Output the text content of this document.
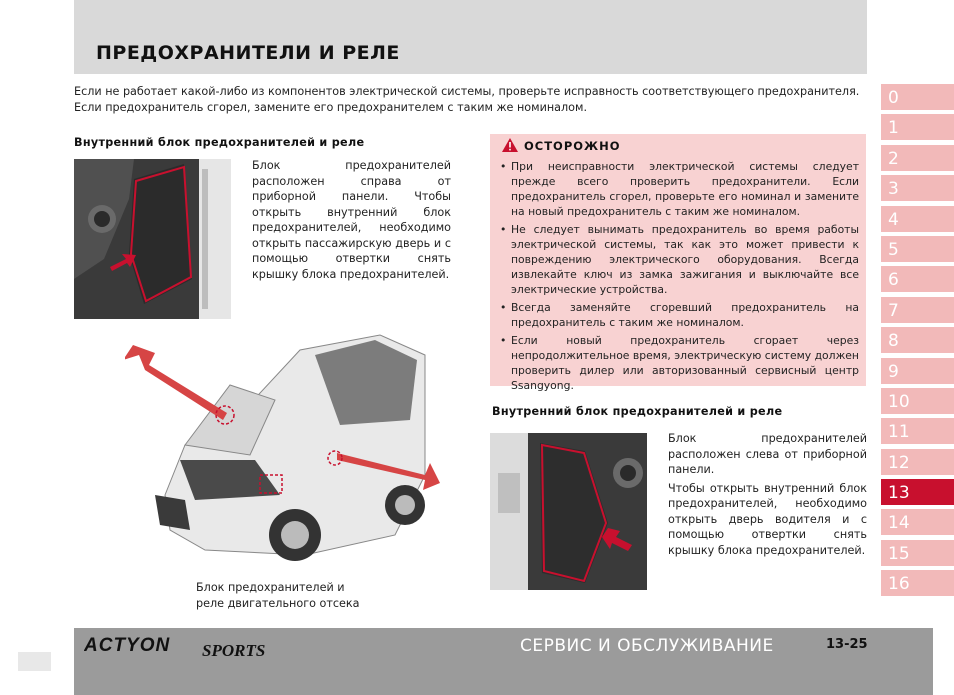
ПРЕДОХРАНИТЕЛИ И РЕЛЕ
Если не работает какой-либо из компонентов электрической системы, проверьте исправность соответствующего предохранителя.
Если предохранитель сгорел, замените его предохранителем с таким же номиналом.
Внутренний блок предохранителей и реле
Блок предохранителей расположен справа от приборной панели. Чтобы открыть внутренний блок предохранителей, необходимо открыть пассажирскую дверь и с помощью отвертки снять крышку блока предохранителей.
Блок предохранителей и
реле двигательного отсека
ОСТОРОЖНО
• При неисправности электрической системы следует прежде всего проверить предохранители. Если предохранитель сгорел, проверьте его номинал и замените на новый предохранитель с таким же номиналом.
• Не следует вынимать предохранитель во время работы электрической системы, так как это может привести к повреждению электрического оборудования. Всегда извлекайте ключ из замка зажигания и выключайте все электрические устройства.
• Всегда заменяйте сгоревший предохранитель на предохранитель с таким же номиналом.
• Если новый предохранитель сгорает через непродолжительное время, электрическую систему должен проверить дилер или авторизованный сервисный центр Ssangyong.
Внутренний блок предохранителей и реле
Блок предохранителей расположен слева от приборной панели.
Чтобы открыть внутренний блок предохранителей, необходимо открыть дверь водителя и с помощью отвертки снять крышку блока предохранителей.
0
1
2
3
4
5
6
7
8
9
10
11
12
13
14
15
16
ACTYON SPORTS	СЕРВИС И ОБСЛУЖИВАНИЕ	13-25
